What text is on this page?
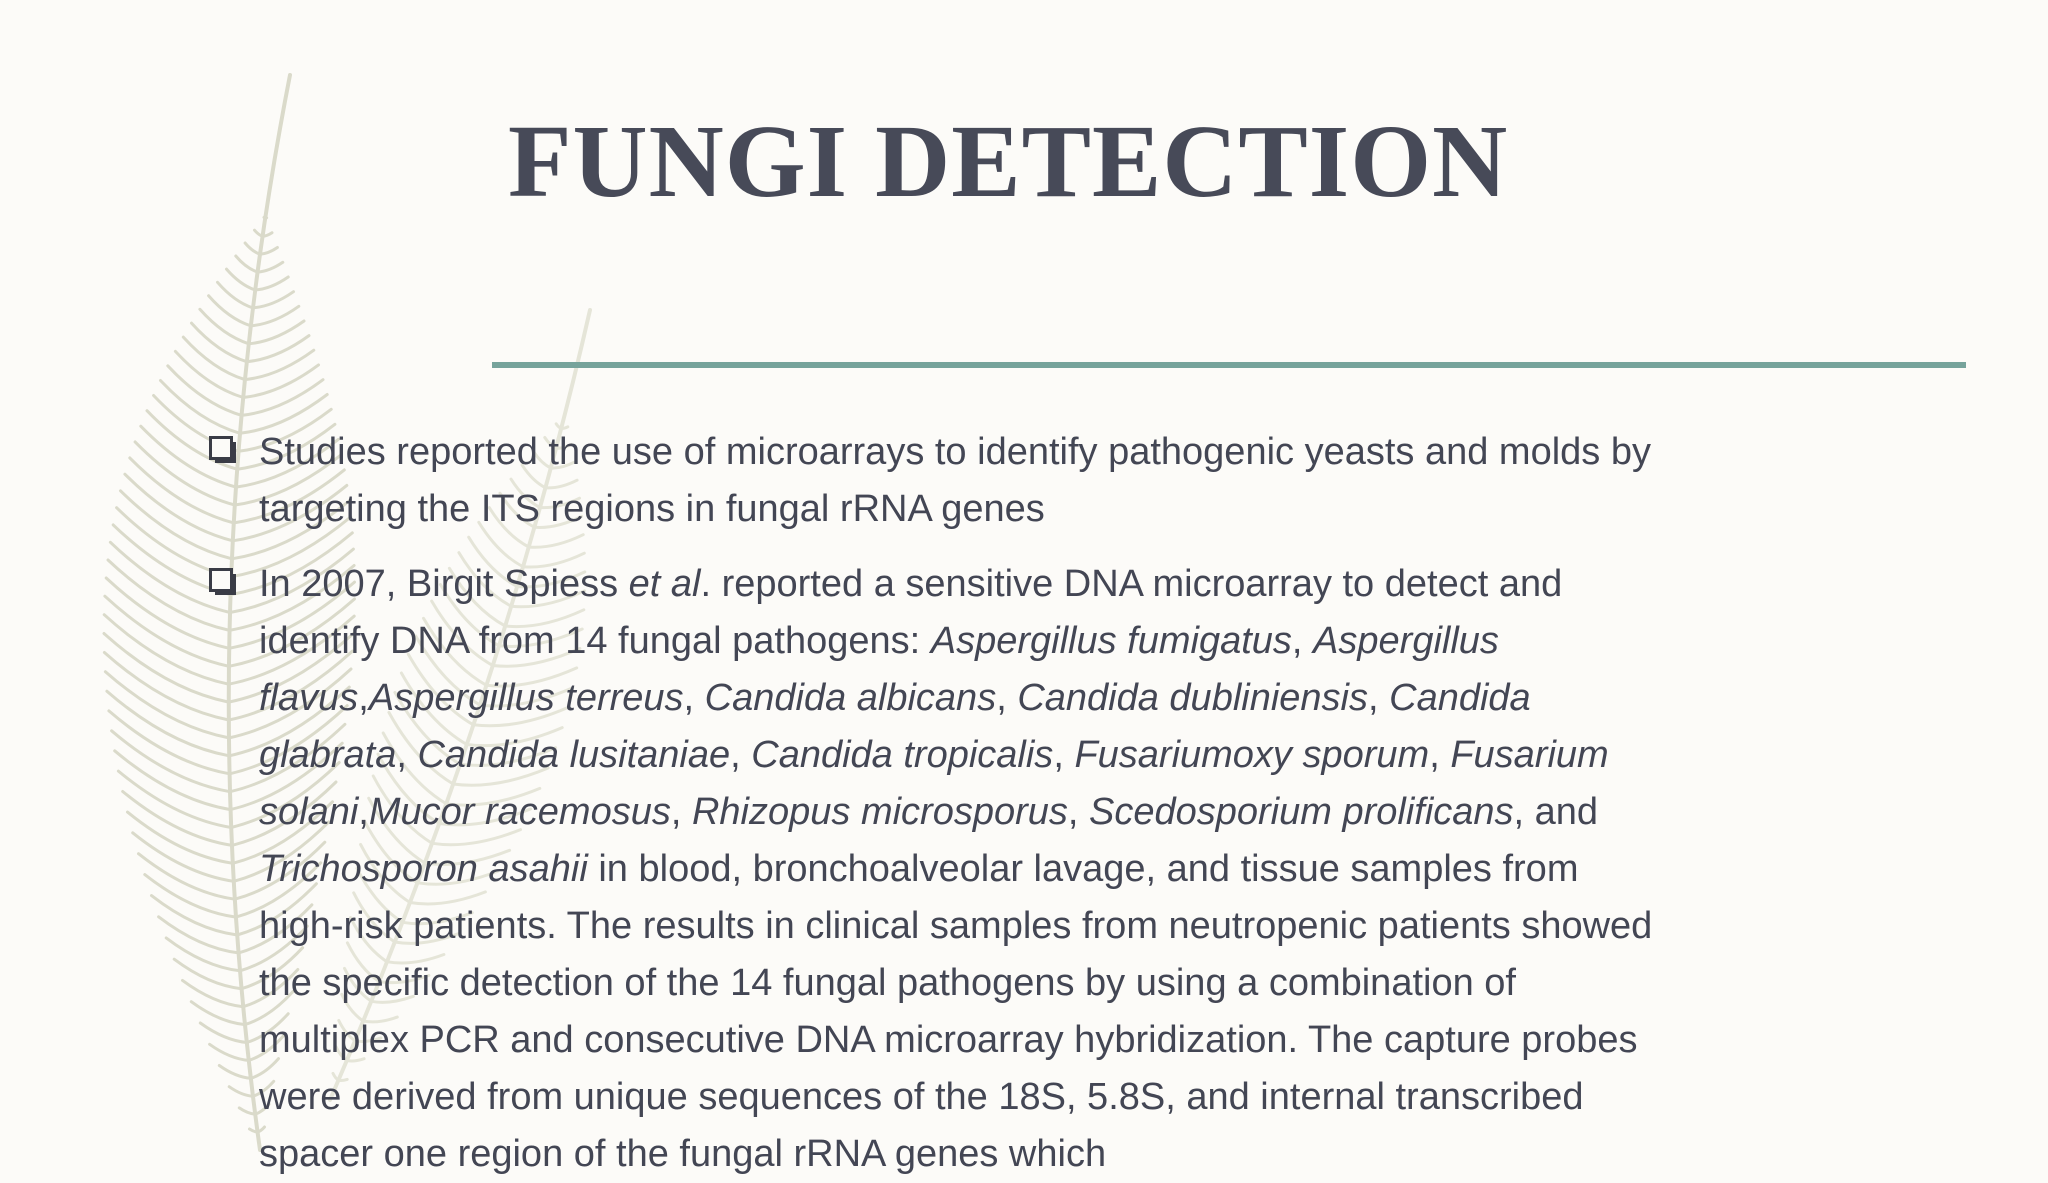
FUNGI DETECTION
Studies reported the use of microarrays to identify pathogenic yeasts and molds by targeting the ITS regions in fungal rRNA genes
In 2007, Birgit Spiess et al. reported a sensitive DNA microarray to detect and identify DNA from 14 fungal pathogens: Aspergillus fumigatus, Aspergillus flavus,Aspergillus terreus, Candida albicans, Candida dubliniensis, Candida glabrata, Candida lusitaniae, Candida tropicalis, Fusariumoxy sporum, Fusarium solani,Mucor racemosus, Rhizopus microsporus, Scedosporium prolificans, and Trichosporon asahii in blood, bronchoalveolar lavage, and tissue samples from high-risk patients. The results in clinical samples from neutropenic patients showed the specific detection of the 14 fungal pathogens by using a combination of multiplex PCR and consecutive DNA microarray hybridization. The capture probes were derived from unique sequences of the 18S, 5.8S, and internal transcribed spacer one region of the fungal rRNA genes which
